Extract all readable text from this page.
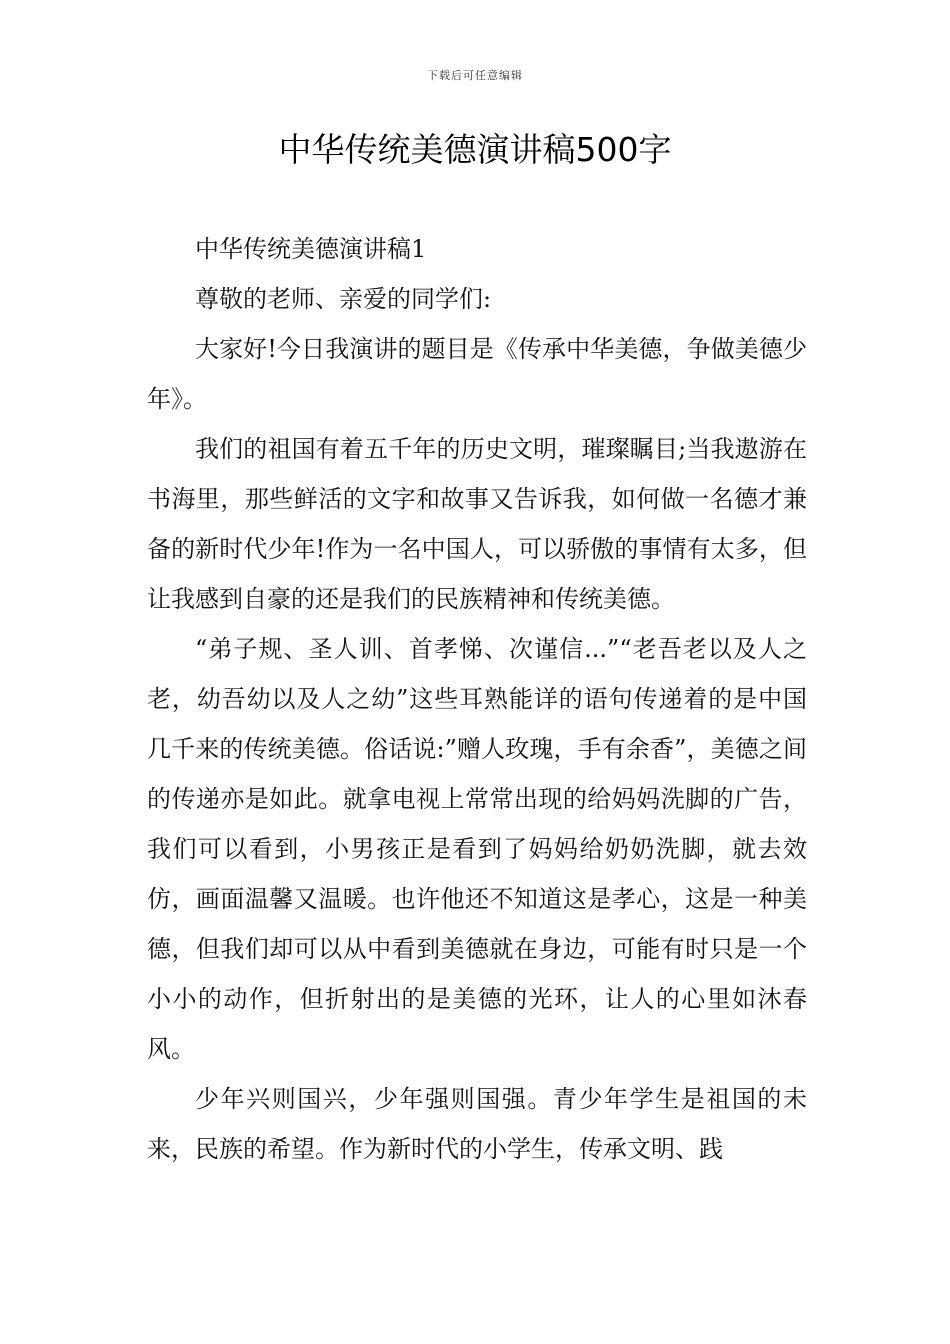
下载后可任意编辑
中华传统美德演讲稿500字

中华传统美德演讲稿1

尊敬的老师、亲爱的同学们:

大家好!今日我演讲的题目是《传承中华美德，争做美德少年》。

我们的祖国有着五千年的历史文明，璀璨瞩目;当我遨游在书海里，那些鲜活的文字和故事又告诉我，如何做一名德才兼备的新时代少年!作为一名中国人，可以骄傲的事情有太多，但让我感到自豪的还是我们的民族精神和传统美德。

“弟子规、圣人训、首孝悌、次谨信...”“老吾老以及人之老，幼吾幼以及人之幼”这些耳熟能详的语句传递着的是中国几千来的传统美德。俗话说:”赠人玫瑰，手有余香”，美德之间的传递亦是如此。就拿电视上常常出现的给妈妈洗脚的广告，我们可以看到，小男孩正是看到了妈妈给奶奶洗脚，就去效仿，画面温馨又温暖。也许他还不知道这是孝心，这是一种美德，但我们却可以从中看到美德就在身边，可能有时只是一个小小的动作，但折射出的是美德的光环，让人的心里如沐春风。

少年兴则国兴，少年强则国强。青少年学生是祖国的未来，民族的希望。作为新时代的小学生，传承文明、践
